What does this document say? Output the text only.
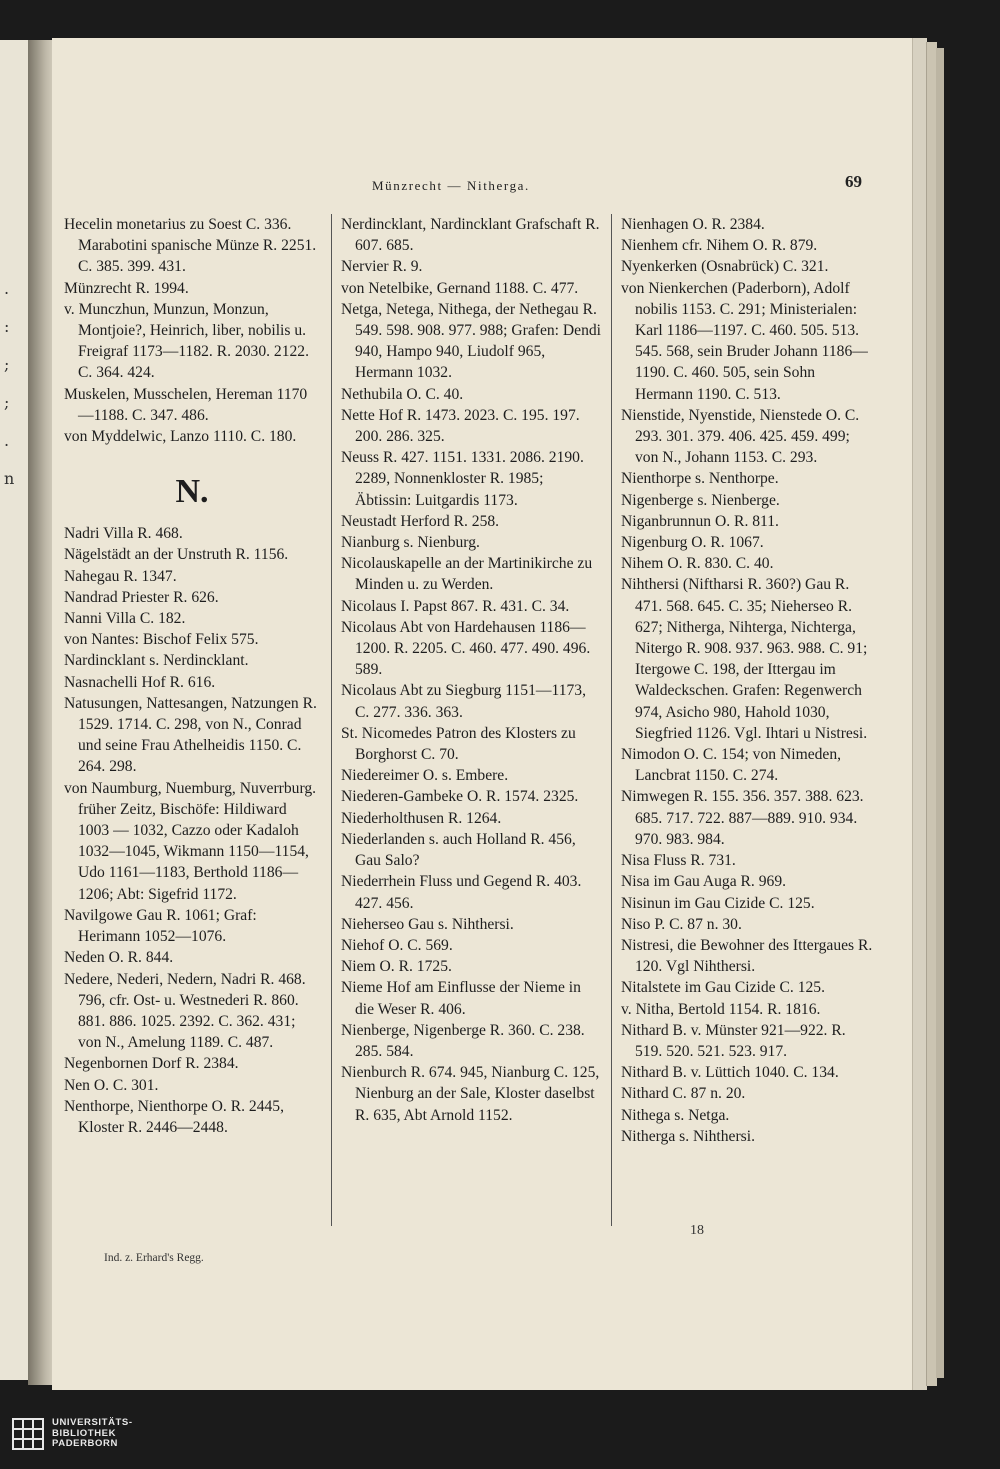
.
:
;
;
.
n

Münzrecht — Nitherga.	69
Hecelin monetarius zu Soest C. 336. Marabotini spanische Münze R. 2251. C. 385. 399. 431.
Münzrecht R. 1994.
v. Munczhun, Munzun, Monzun, Montjoie?, Heinrich, liber, nobilis u. Freigraf 1173—1182. R. 2030. 2122. C. 364. 424.
Muskelen, Musschelen, Hereman 1170—1188. C. 347. 486.
von Myddelwic, Lanzo 1110. C. 180.
N.
Nadri Villa R. 468.
Nägelstädt an der Unstruth R. 1156.
Nahegau R. 1347.
Nandrad Priester R. 626.
Nanni Villa C. 182.
von Nantes: Bischof Felix 575.
Nardincklant s. Nerdincklant.
Nasnachelli Hof R. 616.
Natusungen, Nattesangen, Natzungen R. 1529. 1714. C. 298, von N., Conrad und seine Frau Athelheidis 1150. C. 264. 298.
von Naumburg, Nuemburg, Nuverrburg. früher Zeitz, Bischöfe: Hildiward 1003 — 1032, Cazzo oder Kadaloh 1032—1045, Wikmann 1150—1154, Udo 1161—1183, Berthold 1186—1206; Abt: Sigefrid 1172.
Navilgowe Gau R. 1061; Graf: Herimann 1052—1076.
Neden O. R. 844.
Nedere, Nederi, Nedern, Nadri R. 468. 796, cfr. Ost- u. Westnederi R. 860. 881. 886. 1025. 2392. C. 362. 431; von N., Amelung 1189. C. 487.
Negenbornen Dorf R. 2384.
Nen O. C. 301.
Nenthorpe, Nienthorpe O. R. 2445, Kloster R. 2446—2448.
Nerdincklant, Nardincklant Grafschaft R. 607. 685.
Nervier R. 9.
von Netelbike, Gernand 1188. C. 477.
Netga, Netega, Nithega, der Nethegau R. 549. 598. 908. 977. 988; Grafen: Dendi 940, Hampo 940, Liudolf 965, Hermann 1032.
Nethubila O. C. 40.
Nette Hof R. 1473. 2023. C. 195. 197. 200. 286. 325.
Neuss R. 427. 1151. 1331. 2086. 2190. 2289, Nonnenkloster R. 1985; Äbtissin: Luitgardis 1173.
Neustadt Herford R. 258.
Nianburg s. Nienburg.
Nicolauskapelle an der Martinikirche zu Minden u. zu Werden.
Nicolaus I. Papst 867. R. 431. C. 34.
Nicolaus Abt von Hardehausen 1186—1200. R. 2205. C. 460. 477. 490. 496. 589.
Nicolaus Abt zu Siegburg 1151—1173, C. 277. 336. 363.
St. Nicomedes Patron des Klosters zu Borghorst C. 70.
Niedereimer O. s. Embere.
Niederen-Gambeke O. R. 1574. 2325.
Niederholthusen R. 1264.
Niederlanden s. auch Holland R. 456, Gau Salo?
Niederrhein Fluss und Gegend R. 403. 427. 456.
Nieherseo Gau s. Nihthersi.
Niehof O. C. 569.
Niem O. R. 1725.
Nieme Hof am Einflusse der Nieme in die Weser R. 406.
Nienberge, Nigenberge R. 360. C. 238. 285. 584.
Nienburch R. 674. 945, Nianburg C. 125, Nienburg an der Sale, Kloster daselbst R. 635, Abt Arnold 1152.
Nienhagen O. R. 2384.
Nienhem cfr. Nihem O. R. 879.
Nyenkerken (Osnabrück) C. 321.
von Nienkerchen (Paderborn), Adolf nobilis 1153. C. 291; Ministerialen: Karl 1186—1197. C. 460. 505. 513. 545. 568, sein Bruder Johann 1186—1190. C. 460. 505, sein Sohn Hermann 1190. C. 513.
Nienstide, Nyenstide, Nienstede O. C. 293. 301. 379. 406. 425. 459. 499; von N., Johann 1153. C. 293.
Nienthorpe s. Nenthorpe.
Nigenberge s. Nienberge.
Niganbrunnun O. R. 811.
Nigenburg O. R. 1067.
Nihem O. R. 830. C. 40.
Nihthersi (Niftharsi R. 360?) Gau R. 471. 568. 645. C. 35; Nieherseo R. 627; Nitherga, Nihterga, Nichterga, Nitergo R. 908. 937. 963. 988. C. 91; Itergowe C. 198, der Ittergau im Waldeckschen. Grafen: Regenwerch 974, Asicho 980, Hahold 1030, Siegfried 1126. Vgl. Ihtari u Nistresi.
Nimodon O. C. 154; von Nimeden, Lancbrat 1150. C. 274.
Nimwegen R. 155. 356. 357. 388. 623. 685. 717. 722. 887—889. 910. 934. 970. 983. 984.
Nisa Fluss R. 731.
Nisa im Gau Auga R. 969.
Nisinun im Gau Cizide C. 125.
Niso P. C. 87 n. 30.
Nistresi, die Bewohner des Ittergaues R. 120. Vgl Nihthersi.
Nitalstete im Gau Cizide C. 125.
v. Nitha, Bertold 1154. R. 1816.
Nithard B. v. Münster 921—922. R. 519. 520. 521. 523. 917.
Nithard B. v. Lüttich 1040. C. 134.
Nithard C. 87 n. 20.
Nithega s. Netga.
Nitherga s. Nihthersi.
Ind. z. Erhard's Regg.
18
UNIVERSITÄTS-
BIBLIOTHEK
PADERBORN
